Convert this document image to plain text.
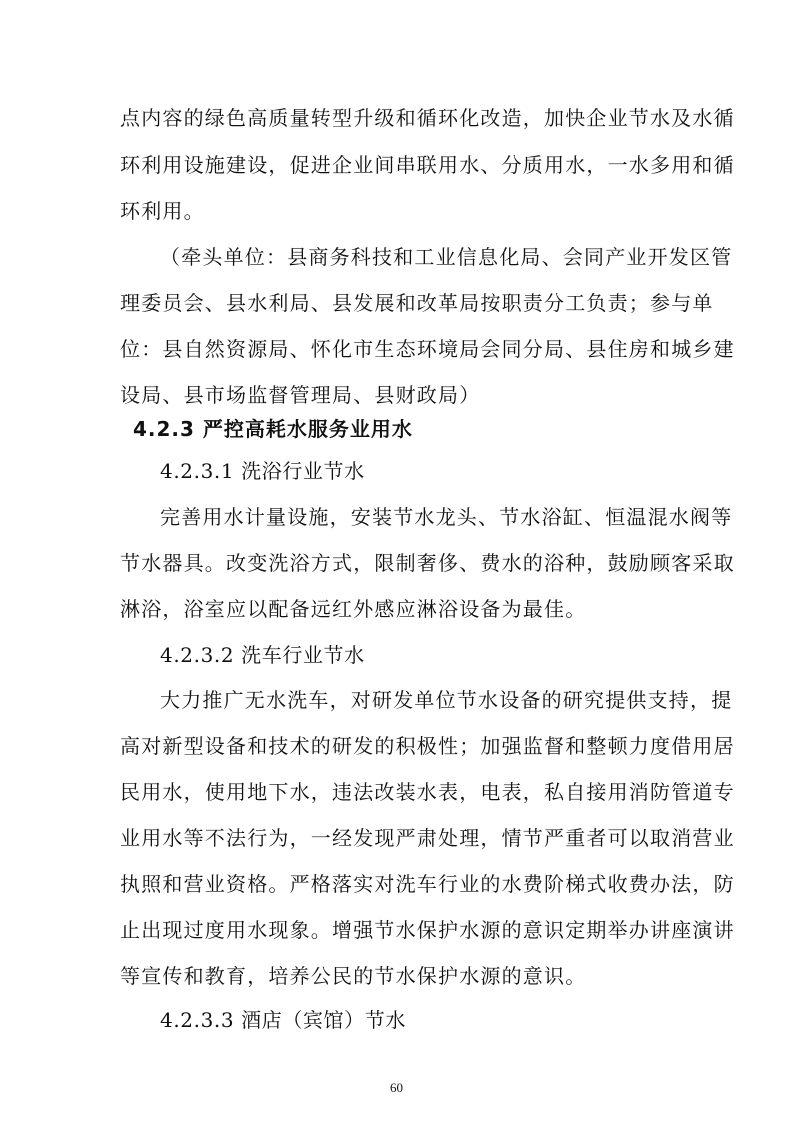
点内容的绿色高质量转型升级和循环化改造，加快企业节水及水循
环利用设施建设，促进企业间串联用水、分质用水，一水多用和循
环利用。
（牵头单位：县商务科技和工业信息化局、会同产业开发区管
理委员会、县水利局、县发展和改革局按职责分工负责；参与单
位：县自然资源局、怀化市生态环境局会同分局、县住房和城乡建
设局、县市场监督管理局、县财政局）
4.2.3 严控高耗水服务业用水
4.2.3.1 洗浴行业节水
完善用水计量设施，安装节水龙头、节水浴缸、恒温混水阀等
节水器具。改变洗浴方式，限制奢侈、费水的浴种，鼓励顾客采取
淋浴，浴室应以配备远红外感应淋浴设备为最佳。
4.2.3.2 洗车行业节水
大力推广无水洗车，对研发单位节水设备的研究提供支持，提
高对新型设备和技术的研发的积极性；加强监督和整顿力度借用居
民用水，使用地下水，违法改装水表，电表，私自接用消防管道专
业用水等不法行为，一经发现严肃处理，情节严重者可以取消营业
执照和营业资格。严格落实对洗车行业的水费阶梯式收费办法，防
止出现过度用水现象。增强节水保护水源的意识定期举办讲座演讲
等宣传和教育，培养公民的节水保护水源的意识。
4.2.3.3 酒店（宾馆）节水
60
